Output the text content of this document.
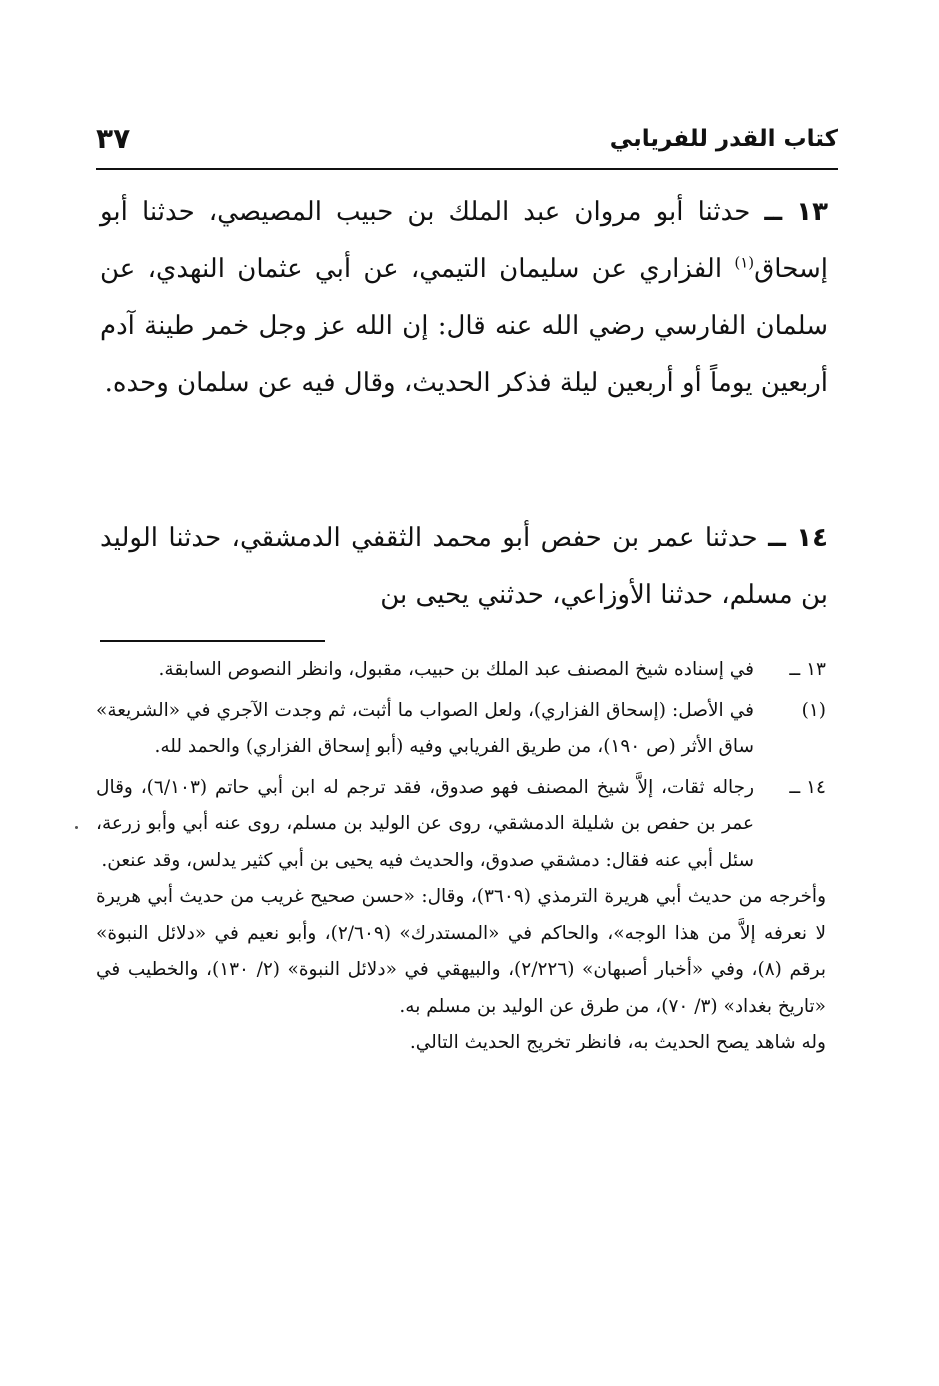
كتاب القدر للفريابي
٣٧

١٣ ــ حدثنا أبو مروان عبد الملك بن حبيب المصيصي، حدثنا أبو إسحاق$^{(١)}$ الفزاري عن سليمان التيمي، عن أبي عثمان النهدي، عن سلمان الفارسي رضي الله عنه قال: إن الله عز وجل خمر طينة آدم أربعين يوماً أو أربعين ليلة فذكر الحديث، وقال فيه عن سلمان وحده.

١٤ ــ حدثنا عمر بن حفص أبو محمد الثقفي الدمشقي، حدثنا الوليد بن مسلم، حدثنا الأوزاعي، حدثني يحيى بن

١٣ ــ

في إسناده شيخ المصنف عبد الملك بن حبيب، مقبول، وانظر النصوص السابقة.

(١)

في الأصل: (إسحاق الفزاري)، ولعل الصواب ما أثبت، ثم وجدت الآجري في «الشريعة» ساق الأثر (ص ١٩٠)، من طريق الفريابي وفيه (أبو إسحاق الفزاري) والحمد لله.

١٤ ــ

رجاله ثقات، إلاَّ شيخ المصنف فهو صدوق، فقد ترجم له ابن أبي حاتم (٦/١٠٣)، وقال عمر بن حفص بن شليلة الدمشقي، روى عن الوليد بن مسلم، روى عنه أبي وأبو زرعة، سئل أبي عنه فقال: دمشقي صدوق، والحديث فيه يحيى بن أبي كثير يدلس، وقد عنعن.

وأخرجه من حديث أبي هريرة الترمذي (٣٦٠٩)، وقال: «حسن صحيح غريب من حديث أبي هريرة لا نعرفه إلاَّ من هذا الوجه»، والحاكم في «المستدرك» (٢/٦٠٩)، وأبو نعيم في «دلائل النبوة» برقم (٨)، وفي «أخبار أصبهان» (٢/٢٢٦)، والبيهقي في «دلائل النبوة» (٢/ ١٣٠)، والخطيب في «تاريخ بغداد» (٣/ ٧٠)، من طرق عن الوليد بن مسلم به.

وله شاهد يصح الحديث به، فانظر تخريج الحديث التالي.
